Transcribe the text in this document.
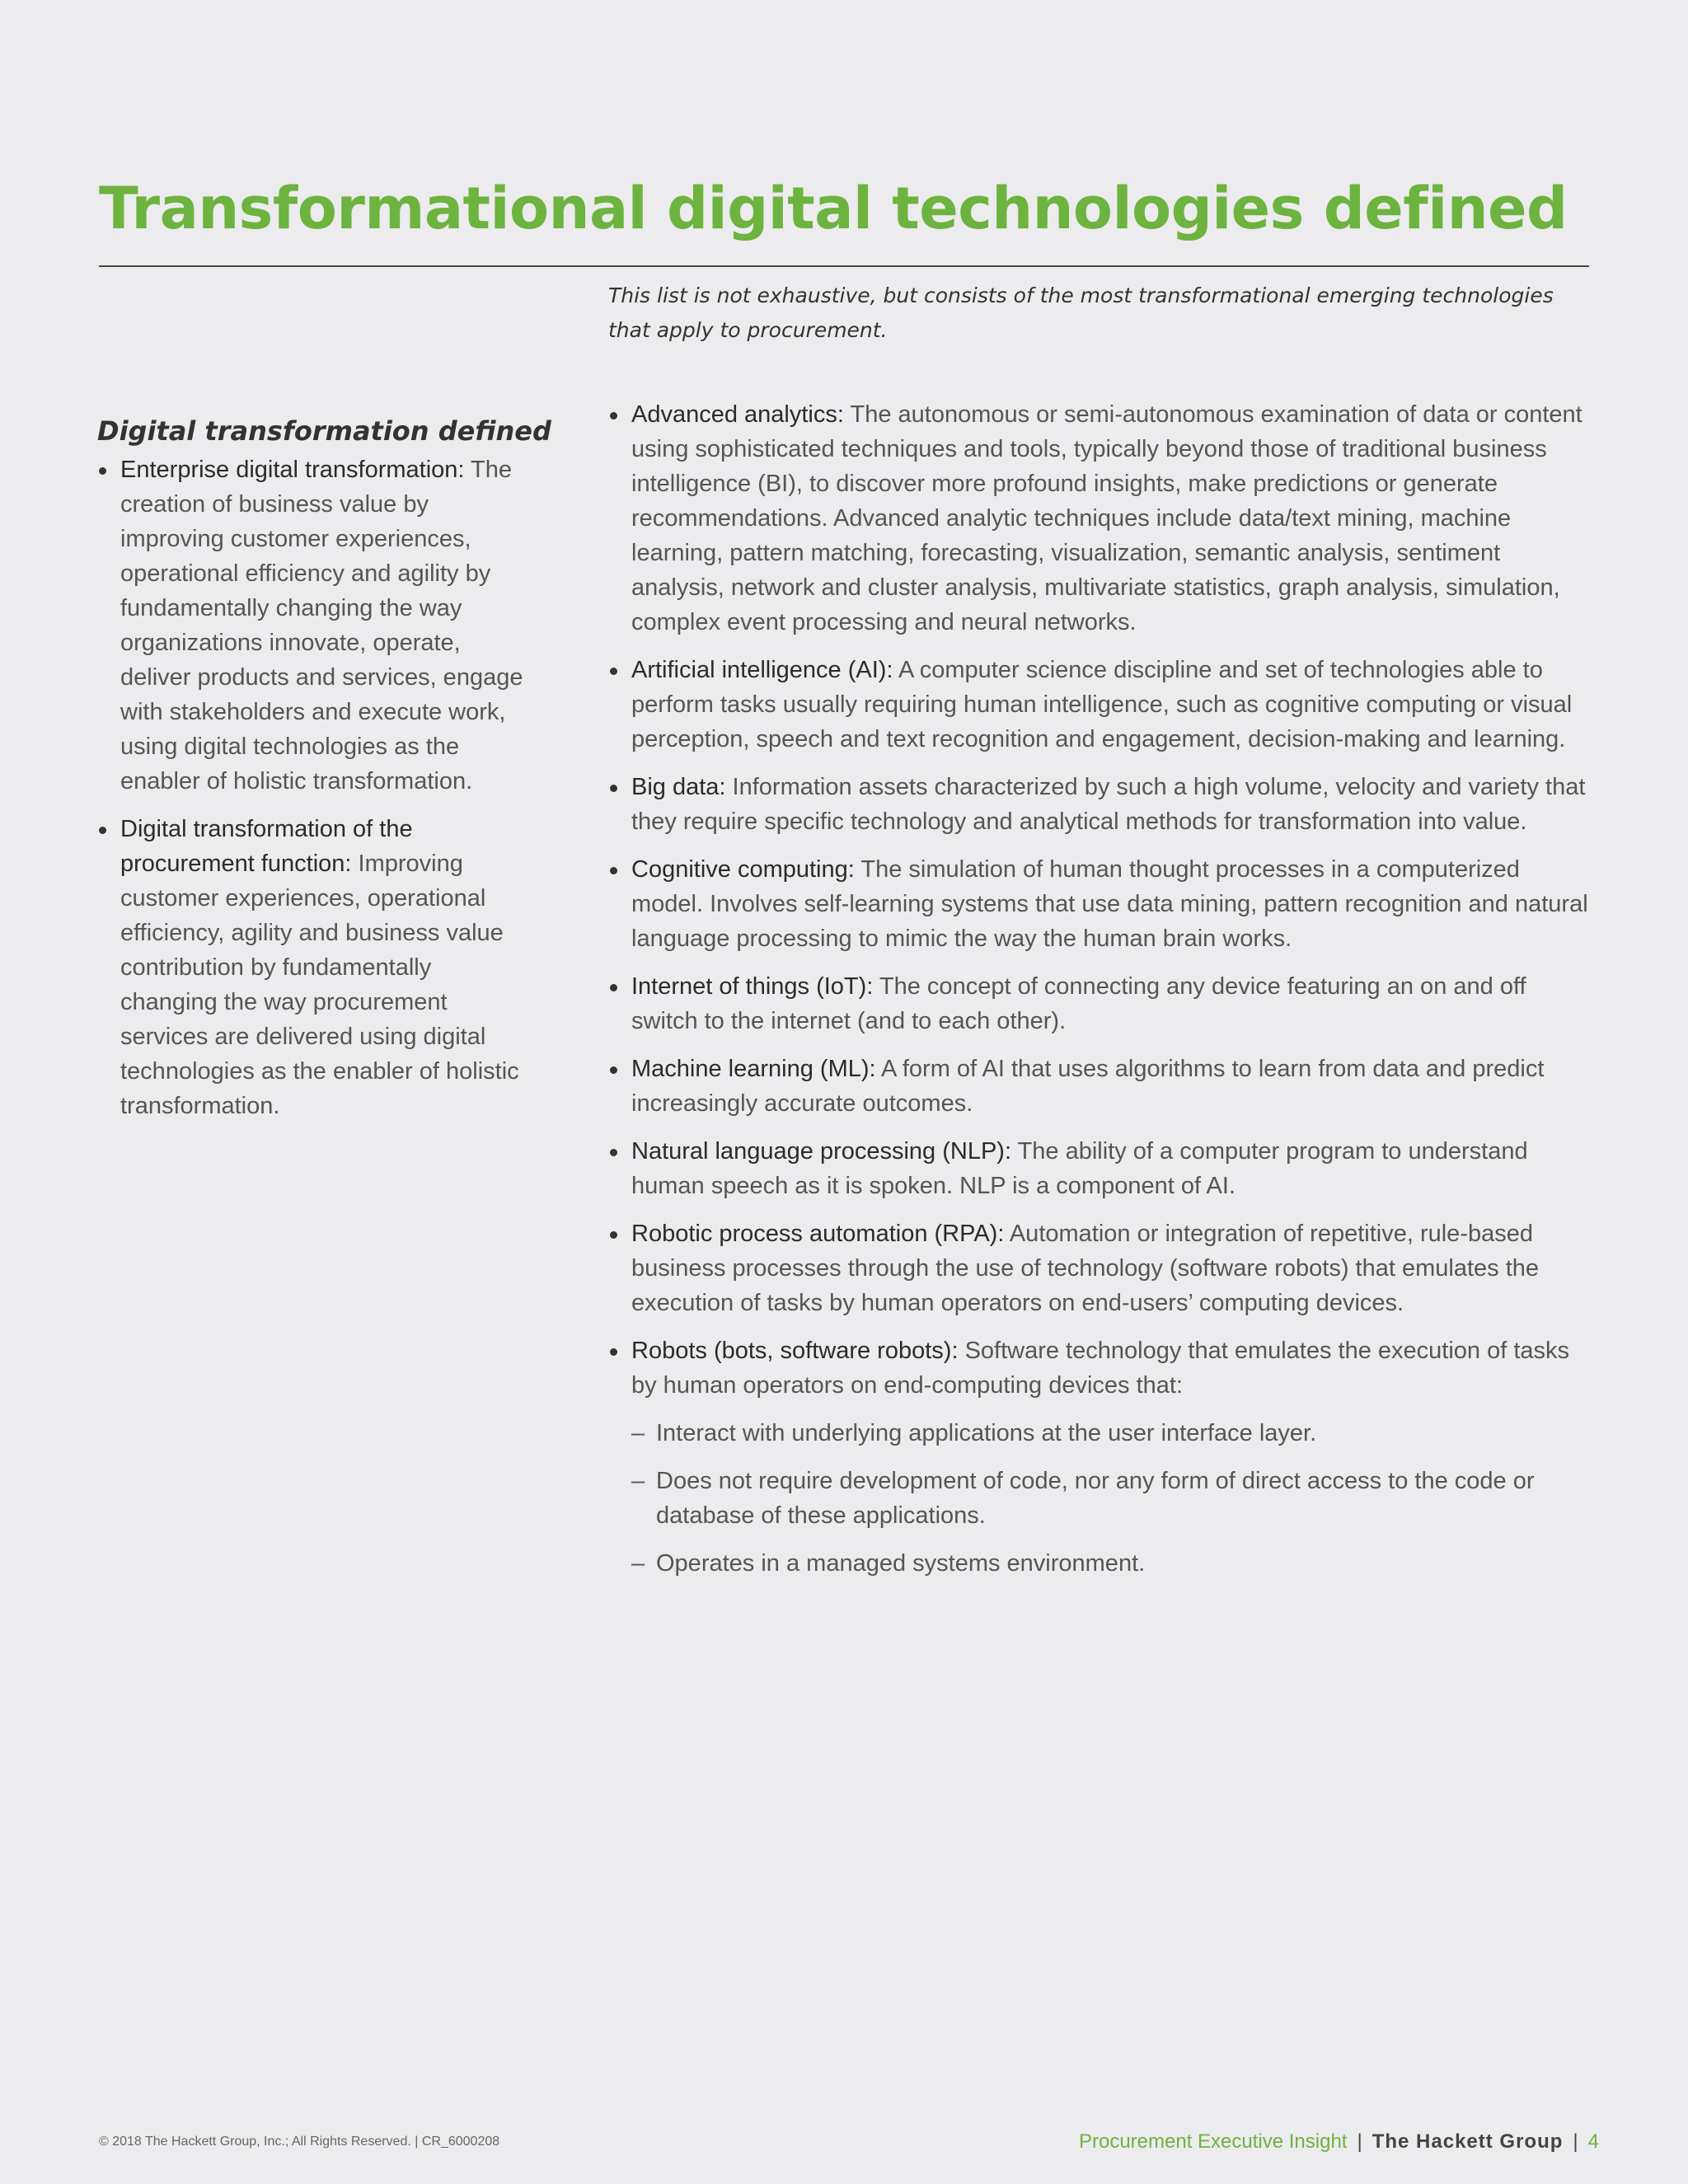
Transformational digital technologies defined

This list is not exhaustive, but consists of the most transformational emerging technologies that apply to procurement.

Digital transformation defined
Enterprise digital transformation: The creation of business value by improving customer experiences, operational efficiency and agility by fundamentally changing the way organizations innovate, operate, deliver products and services, engage with stakeholders and execute work, using digital technologies as the enabler of holistic transformation.
Digital transformation of the procurement function: Improving customer experiences, operational efficiency, agility and business value contribution by fundamentally changing the way procurement services are delivered using digital technologies as the enabler of holistic transformation.
Advanced analytics: The autonomous or semi-autonomous examination of data or content using sophisticated techniques and tools, typically beyond those of traditional business intelligence (BI), to discover more profound insights, make predictions or generate recommendations. Advanced analytic techniques include data/text mining, machine learning, pattern matching, forecasting, visualization, semantic analysis, sentiment analysis, network and cluster analysis, multivariate statistics, graph analysis, simulation, complex event processing and neural networks.
Artificial intelligence (AI): A computer science discipline and set of technologies able to perform tasks usually requiring human intelligence, such as cognitive computing or visual perception, speech and text recognition and engagement, decision-making and learning.
Big data: Information assets characterized by such a high volume, velocity and variety that they require specific technology and analytical methods for transformation into value.
Cognitive computing: The simulation of human thought processes in a computerized model. Involves self-learning systems that use data mining, pattern recognition and natural language processing to mimic the way the human brain works.
Internet of things (IoT): The concept of connecting any device featuring an on and off switch to the internet (and to each other).
Machine learning (ML): A form of AI that uses algorithms to learn from data and predict increasingly accurate outcomes.
Natural language processing (NLP): The ability of a computer program to understand human speech as it is spoken. NLP is a component of AI.
Robotic process automation (RPA): Automation or integration of repetitive, rule-based business processes through the use of technology (software robots) that emulates the execution of tasks by human operators on end-users’ computing devices.
Robots (bots, software robots): Software technology that emulates the execution of tasks by human operators on end-computing devices that:
– Interact with underlying applications at the user interface layer.
– Does not require development of code, nor any form of direct access to the code or database of these applications.
– Operates in a managed systems environment.
© 2018 The Hackett Group, Inc.; All Rights Reserved. | CR_6000208	Procurement Executive Insight | The Hackett Group | 4
